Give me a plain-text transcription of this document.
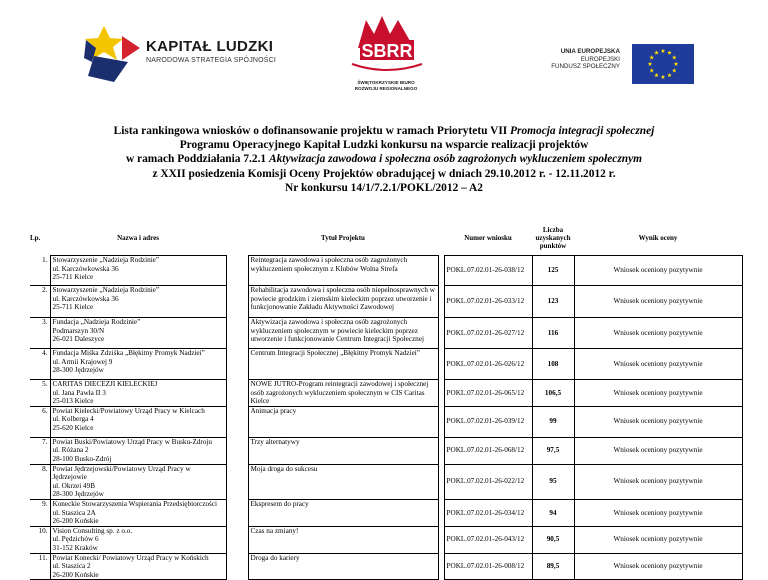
KAPITAŁ LUDZKI
NARODOWA STRATEGIA SPÓJNOŚCI	SBRR
ŚWIĘTOKRZYSKIE BIURO
ROZWOJU REGIONALNEGO
UNIA EUROPEJSKA
EUROPEJSKI
FUNDUSZ SPOŁECZNY
Lista rankingowa wniosków o dofinansowanie projektu w ramach Priorytetu VII Promocja integracji społecznej
Programu Operacyjnego Kapitał Ludzki konkursu na wsparcie realizacji projektów
w ramach Poddziałania 7.2.1 Aktywizacja zawodowa i społeczna osób zagrożonych wykluczeniem społecznym
z XXII posiedzenia Komisji Oceny Projektów obradującej w dniach 29.10.2012 r. - 12.11.2012 r.
Nr konkursu 14/1/7.2.1/POKL/2012 – A2
Lp.	Nazwa i adres		Tytuł Projektu		Numer wniosku	Liczba uzyskanych punktów	Wynik oceny
1.	Stowarzyszenie „Nadzieja Rodzinie”
ul. Karczówkowska 36
25-711 Kielce		Reintegracja zawodowa i społeczna osób zagrożonych wykluczeniem społecznym z Klubów Wolna Strefa		POKL.07.02.01-26-038/12	125	Wniosek oceniony pozytywnie
2.	Stowarzyszenie „Nadzieja Rodzinie”
ul. Karczówkowska 36
25-711 Kielce		Rehabilitacja zawodowa i społeczna osób niepełnosprawnych w powiecie grodzkim i ziemskim kieleckim poprzez utworzenie i funkcjonowanie Zakładu Aktywności Zawodowej		POKL.07.02.01-26-033/12	123	Wniosek oceniony pozytywnie
3.	Fundacja „Nadzieja Rodzinie”
Podmarszyn 30/N
26-021 Daleszyce		Aktywizacja zawodowa i społeczna osób zagrożonych wykluczeniem społecznym w powiecie kieleckim poprzez utworzenie i funkcjonowanie Centrum Integracji Społecznej		POKL.07.02.01-26-027/12	116	Wniosek oceniony pozytywnie
4.	Fundacja Miśka Zdziśka „Błękitny Promyk Nadziei”
ul. Armii Krajowej 9
28-300 Jędrzejów		Centrum Integracji Społecznej „Błękitny Promyk Nadziei”		POKL.07.02.01-26-026/12	108	Wniosek oceniony pozytywnie
5.	CARITAS DIECEZJI KIELECKIEJ
ul. Jana Pawła II 3
25-013 Kielce		NOWE JUTRO-Program reintegracji zawodowej i społecznej osób zagrożonych wykluczeniem społecznym w CIS Caritas Kielce		POKL.07.02.01-26-065/12	106,5	Wniosek oceniony pozytywnie
6.	Powiat Kielecki/Powiatowy Urząd Pracy w Kielcach
ul. Kolberga 4
25-620 Kielce		Animacja pracy		POKL.07.02.01-26-039/12	99	Wniosek oceniony pozytywnie
7.	Powiat Buski/Powiatowy Urząd Pracy w Busku-Zdroju
ul. Różana 2
28-100 Busko-Zdrój		Trzy alternatywy		POKL.07.02.01-26-068/12	97,5	Wniosek oceniony pozytywnie
8.	Powiat Jędrzejowski/Powiatowy Urząd Pracy w Jędrzejowie
ul. Okrzei 49B
28-300 Jędrzejów		Moja droga do sukcesu		POKL.07.02.01-26-022/12	95	Wniosek oceniony pozytywnie
9.	Koneckie Stowarzyszenia Wspierania Przedsiębiorczości
ul. Staszica 2A
26-200 Końskie		Ekspresem do pracy		POKL.07.02.01-26-034/12	94	Wniosek oceniony pozytywnie
10.	Vision Consulting sp. z o.o.
ul. Pędzichów 6
31-152 Kraków		Czas na zmiany!		POKL.07.02.01-26-043/12	90,5	Wniosek oceniony pozytywnie
11.	Powiat Konecki/ Powiatowy Urząd Pracy w Końskich
ul. Staszica 2
26-200 Końskie		Droga do kariery		POKL.07.02.01-26-008/12	89,5	Wniosek oceniony pozytywnie
